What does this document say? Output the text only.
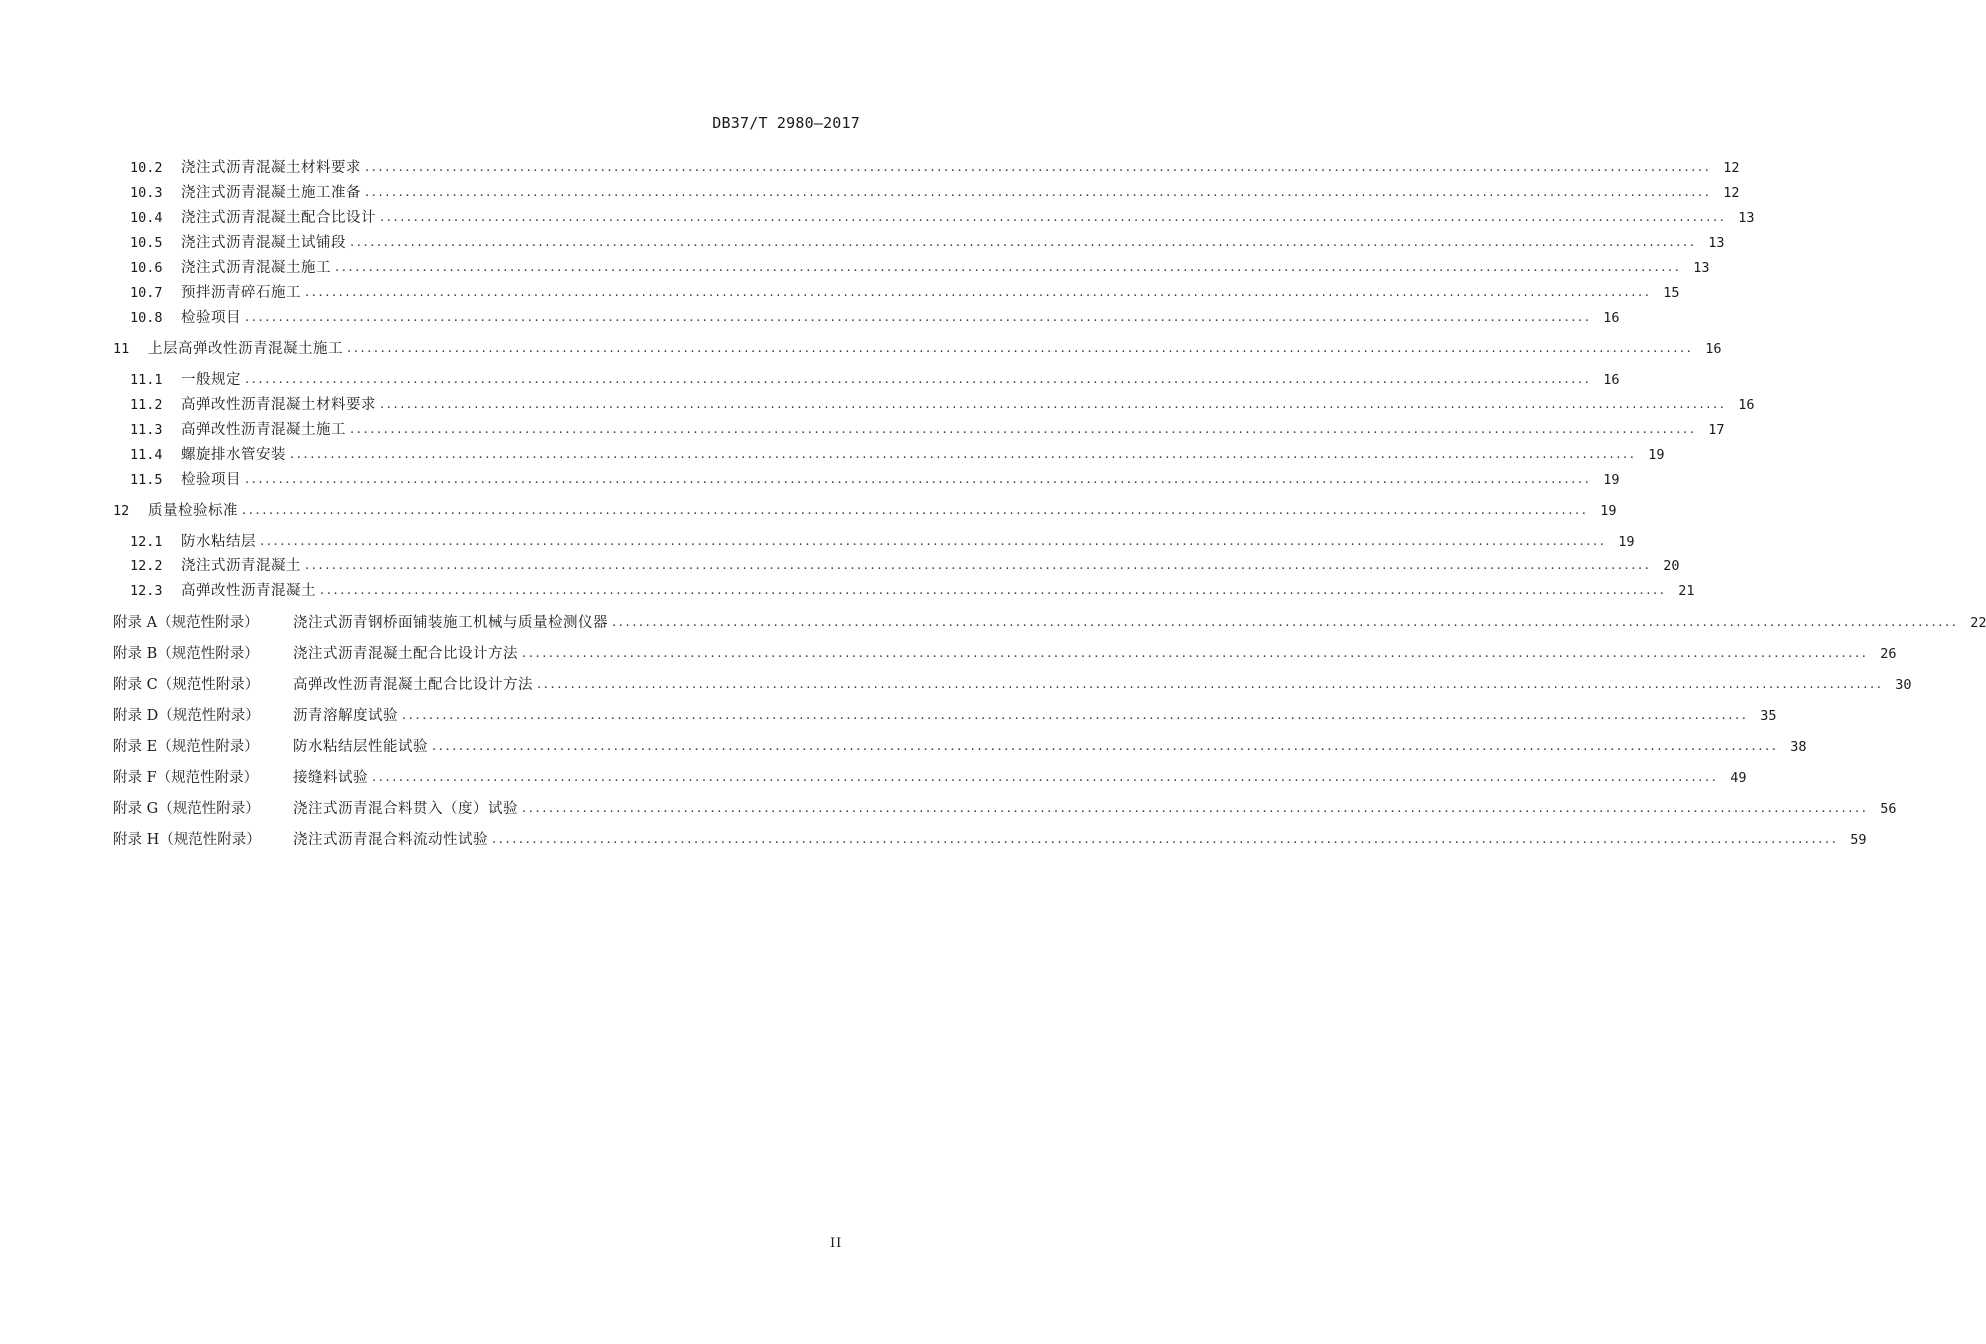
DB37/T 2980—2017
10.2	浇注式沥青混凝土材料要求 ........................................................................................................................................................................................................ 12
10.3	浇注式沥青混凝土施工准备 ........................................................................................................................................................................................................ 12
10.4	浇注式沥青混凝土配合比设计 ........................................................................................................................................................................................................ 13
10.5	浇注式沥青混凝土试铺段 ........................................................................................................................................................................................................ 13
10.6	浇注式沥青混凝土施工 ........................................................................................................................................................................................................ 13
10.7	预拌沥青碎石施工 ........................................................................................................................................................................................................ 15
10.8	检验项目 ........................................................................................................................................................................................................ 16
11	上层高弹改性沥青混凝土施工 ........................................................................................................................................................................................................ 16
11.1	一般规定 ........................................................................................................................................................................................................ 16
11.2	高弹改性沥青混凝土材料要求 ........................................................................................................................................................................................................ 16
11.3	高弹改性沥青混凝土施工 ........................................................................................................................................................................................................ 17
11.4	螺旋排水管安装 ........................................................................................................................................................................................................ 19
11.5	检验项目 ........................................................................................................................................................................................................ 19
12	质量检验标准 ........................................................................................................................................................................................................ 19
12.1	防水粘结层 ........................................................................................................................................................................................................ 19
12.2	浇注式沥青混凝土 ........................................................................................................................................................................................................ 20
12.3	高弹改性沥青混凝土 ........................................................................................................................................................................................................ 21
附录 A（规范性附录）	浇注式沥青钢桥面铺装施工机械与质量检测仪器 ........................................................................................................................................................................................................ 22
附录 B（规范性附录）	浇注式沥青混凝土配合比设计方法 ........................................................................................................................................................................................................ 26
附录 C（规范性附录）	高弹改性沥青混凝土配合比设计方法 ........................................................................................................................................................................................................ 30
附录 D（规范性附录）	沥青溶解度试验 ........................................................................................................................................................................................................ 35
附录 E（规范性附录）	防水粘结层性能试验 ........................................................................................................................................................................................................ 38
附录 F（规范性附录）	接缝料试验 ........................................................................................................................................................................................................ 49
附录 G（规范性附录）	浇注式沥青混合料贯入（度）试验 ........................................................................................................................................................................................................ 56
附录 H（规范性附录）	浇注式沥青混合料流动性试验 ........................................................................................................................................................................................................ 59
II
